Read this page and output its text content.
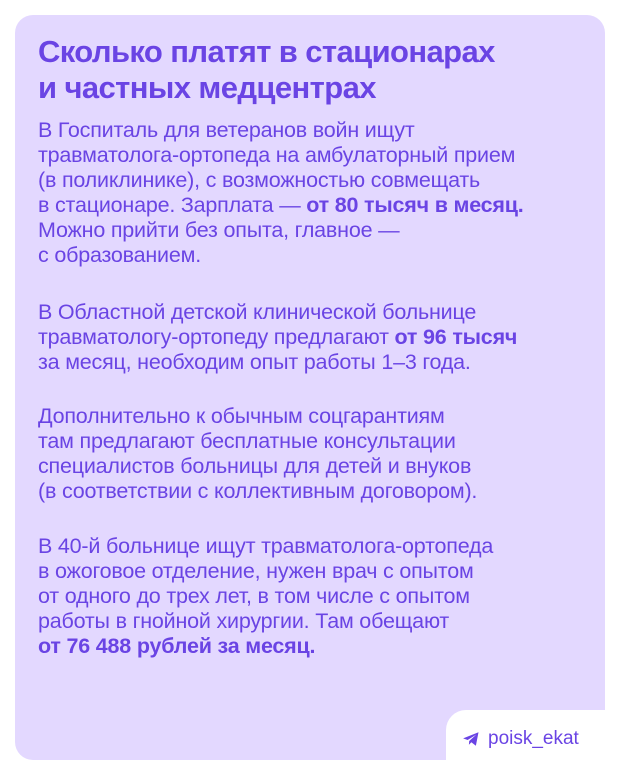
Сколько платят в стационарах
и частных медцентрах
В Госпиталь для ветеранов войн ищут
травматолога-ортопеда на амбулаторный прием
(в поликлинике), с возможностью совмещать
в стационаре. Зарплата — от 80 тысяч в месяц.
Можно прийти без опыта, главное —
с образованием.
В Областной детской клинической больнице
травматологу-ортопеду предлагают от 96 тысяч
за месяц, необходим опыт работы 1–3 года.
Дополнительно к обычным соцгарантиям
там предлагают бесплатные консультации
специалистов больницы для детей и внуков
(в соответствии с коллективным договором).
В 40-й больнице ищут травматолога-ортопеда
в ожоговое отделение, нужен врач с опытом
от одного до трех лет, в том числе с опытом
работы в гнойной хирургии. Там обещают
от 76 488 рублей за месяц.
poisk_ekat
